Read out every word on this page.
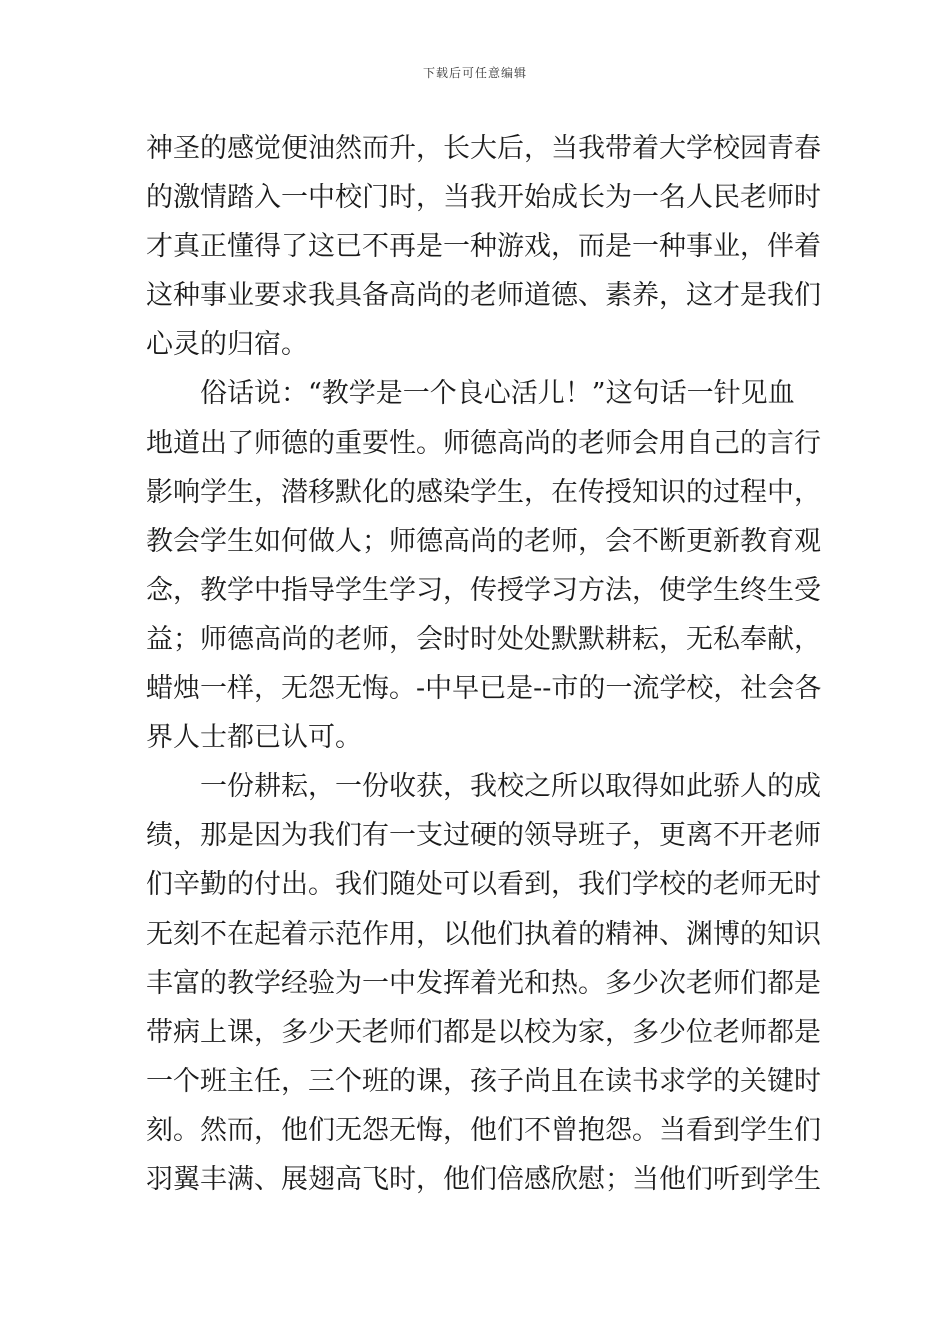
下载后可任意编辑
神圣的感觉便油然而升，长大后，当我带着大学校园青春
的激情踏入一中校门时，当我开始成长为一名人民老师时
才真正懂得了这已不再是一种游戏，而是一种事业，伴着
这种事业要求我具备高尚的老师道德、素养，这才是我们
心灵的归宿。
　　俗话说：“教学是一个良心活儿！”这句话一针见血
地道出了师德的重要性。师德高尚的老师会用自己的言行
影响学生，潜移默化的感染学生，在传授知识的过程中，
教会学生如何做人；师德高尚的老师，会不断更新教育观
念，教学中指导学生学习，传授学习方法，使学生终生受
益；师德高尚的老师，会时时处处默默耕耘，无私奉献，
蜡烛一样，无怨无悔。-中早已是--市的一流学校，社会各
界人士都已认可。
　　一份耕耘，一份收获，我校之所以取得如此骄人的成
绩，那是因为我们有一支过硬的领导班子，更离不开老师
们辛勤的付出。我们随处可以看到，我们学校的老师无时
无刻不在起着示范作用，以他们执着的精神、渊博的知识
丰富的教学经验为一中发挥着光和热。多少次老师们都是
带病上课，多少天老师们都是以校为家，多少位老师都是
一个班主任，三个班的课，孩子尚且在读书求学的关键时
刻。然而，他们无怨无悔，他们不曾抱怨。当看到学生们
羽翼丰满、展翅高飞时，他们倍感欣慰；当他们听到学生
